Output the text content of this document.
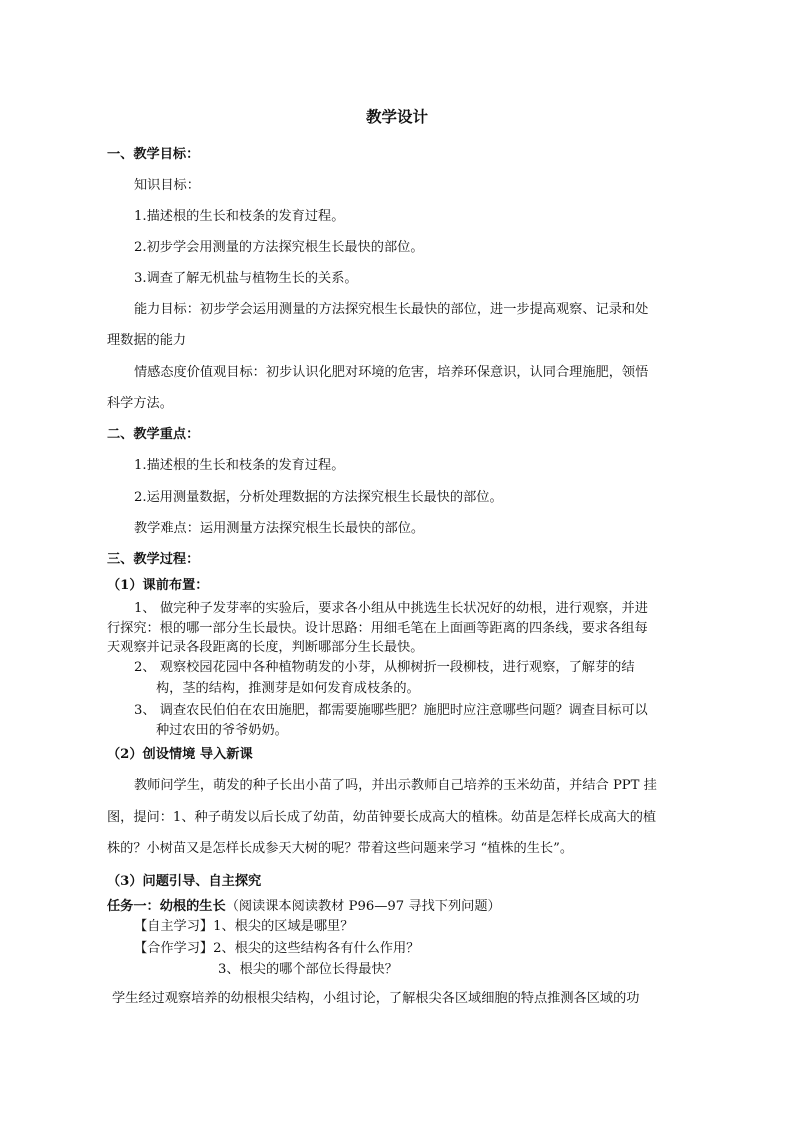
教学设计

一、教学目标：

知识目标：

1.描述根的生长和枝条的发育过程。

2.初步学会用测量的方法探究根生长最快的部位。

3.调查了解无机盐与植物生长的关系。

能力目标：初步学会运用测量的方法探究根生长最快的部位，进一步提高观察、记录和处

理数据的能力

情感态度价值观目标：初步认识化肥对环境的危害，培养环保意识，认同合理施肥，领悟

科学方法。

二、教学重点：

1.描述根的生长和枝条的发育过程。

2.运用测量数据，分析处理数据的方法探究根生长最快的部位。

教学难点：运用测量方法探究根生长最快的部位。

三、教学过程：

（1）课前布置：

1、 做完种子发芽率的实验后，要求各小组从中挑选生长状况好的幼根，进行观察，并进

行探究：根的哪一部分生长最快。设计思路：用细毛笔在上面画等距离的四条线，要求各组每

天观察并记录各段距离的长度，判断哪部分生长最快。

2、 观察校园花园中各种植物萌发的小芽，从柳树折一段柳枝，进行观察，了解芽的结

构，茎的结构，推测芽是如何发育成枝条的。

3、 调查农民伯伯在农田施肥，都需要施哪些肥？施肥时应注意哪些问题？调查目标可以

种过农田的爷爷奶奶。

（2）创设情境 导入新课

教师问学生，萌发的种子长出小苗了吗，并出示教师自己培养的玉米幼苗，并结合 PPT 挂

图，提问：1、种子萌发以后长成了幼苗，幼苗钟要长成高大的植株。幼苗是怎样长成高大的植

株的？小树苗又是怎样长成参天大树的呢？带着这些问题来学习 “植株的生长”。

（3）问题引导、自主探究

任务一：幼根的生长（阅读课本阅读教材 P96—97 寻找下列问题）

【自主学习】1、根尖的区域是哪里？

【合作学习】2、根尖的这些结构各有什么作用？

3、根尖的哪个部位长得最快？

学生经过观察培养的幼根根尖结构，小组讨论，了解根尖各区域细胞的特点推测各区域的功
